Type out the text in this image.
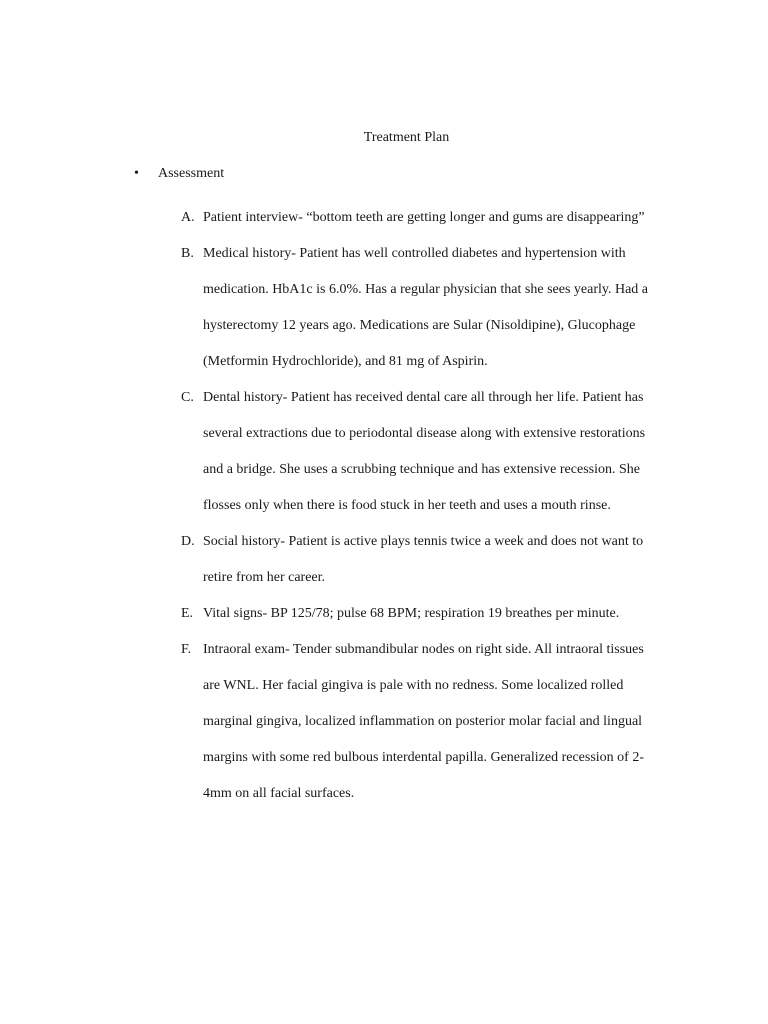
Treatment Plan
• Assessment
A. Patient interview- “bottom teeth are getting longer and gums are disappearing”
B. Medical history- Patient has well controlled diabetes and hypertension with medication. HbA1c is 6.0%. Has a regular physician that she sees yearly. Had a hysterectomy 12 years ago. Medications are Sular (Nisoldipine), Glucophage (Metformin Hydrochloride), and 81 mg of Aspirin.
C. Dental history- Patient has received dental care all through her life. Patient has several extractions due to periodontal disease along with extensive restorations and a bridge. She uses a scrubbing technique and has extensive recession. She flosses only when there is food stuck in her teeth and uses a mouth rinse.
D. Social history- Patient is active plays tennis twice a week and does not want to retire from her career.
E. Vital signs- BP 125/78; pulse 68 BPM; respiration 19 breathes per minute.
F. Intraoral exam- Tender submandibular nodes on right side. All intraoral tissues are WNL. Her facial gingiva is pale with no redness. Some localized rolled marginal gingiva, localized inflammation on posterior molar facial and lingual margins with some red bulbous interdental papilla. Generalized recession of 2-4mm on all facial surfaces.
